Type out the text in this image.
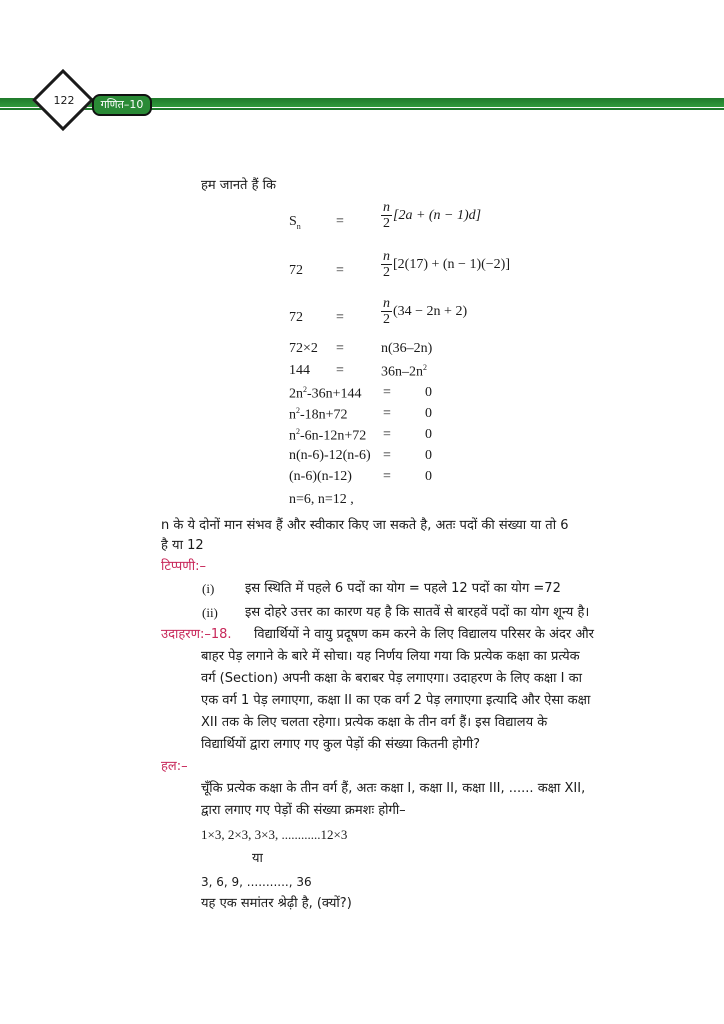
122	गणित–10
हम जानते हैं कि
$S_n$	=	$\frac{n}{2} [2a + (n - 1)d]$
72 =	$\frac{n}{2} [2(17) + (n - 1)(-2)]$
72 =	$\frac{n}{2} (34 - 2n + 2)$
72×2 =	n(36–2n)
144 =	$36n-2n^2$
$2n^2-36n+144 = 0$
$n^2-18n+72$	= 0
$n^2-6n-12n+72 = 0$
n(n-6)-12(n-6) = 0
(n-6)(n-12) = 0
n=6, n=12 ,
n के ये दोनों मान संभव हैं और स्वीकार किए जा सकते है, अतः पदों की संख्या या तो 6
है या 12
टिप्पणी:–
(i) इस स्थिति में पहले 6 पदों का योग = पहले 12 पदों का योग =72
(ii) इस दोहरे उत्तर का कारण यह है कि सातवें से बारहवें पदों का योग शून्य है।
उदाहरण:–18. विद्यार्थियों ने वायु प्रदूषण कम करने के लिए विद्यालय परिसर के अंदर और
बाहर पेड़ लगाने के बारे में सोचा। यह निर्णय लिया गया कि प्रत्येक कक्षा का प्रत्येक
वर्ग (Section) अपनी कक्षा के बराबर पेड़ लगाएगा। उदाहरण के लिए कक्षा I का
एक वर्ग 1 पेड़ लगाएगा, कक्षा II का एक वर्ग 2 पेड़ लगाएगा इत्यादि और ऐसा कक्षा
XII तक के लिए चलता रहेगा। प्रत्येक कक्षा के तीन वर्ग हैं। इस विद्यालय के
विद्यार्थियों द्वारा लगाए गए कुल पेड़ों की संख्या कितनी होगी?
हल:–
चूँकि प्रत्येक कक्षा के तीन वर्ग हैं, अतः कक्षा I, कक्षा II, कक्षा III, ...... कक्षा XII,
द्वारा लगाए गए पेड़ों की संख्या क्रमशः होगी–
1×3, 2×3, 3×3, ............12×3
या
3, 6, 9, ..........., 36
यह एक समांतर श्रेढ़ी है, (क्यों?)
